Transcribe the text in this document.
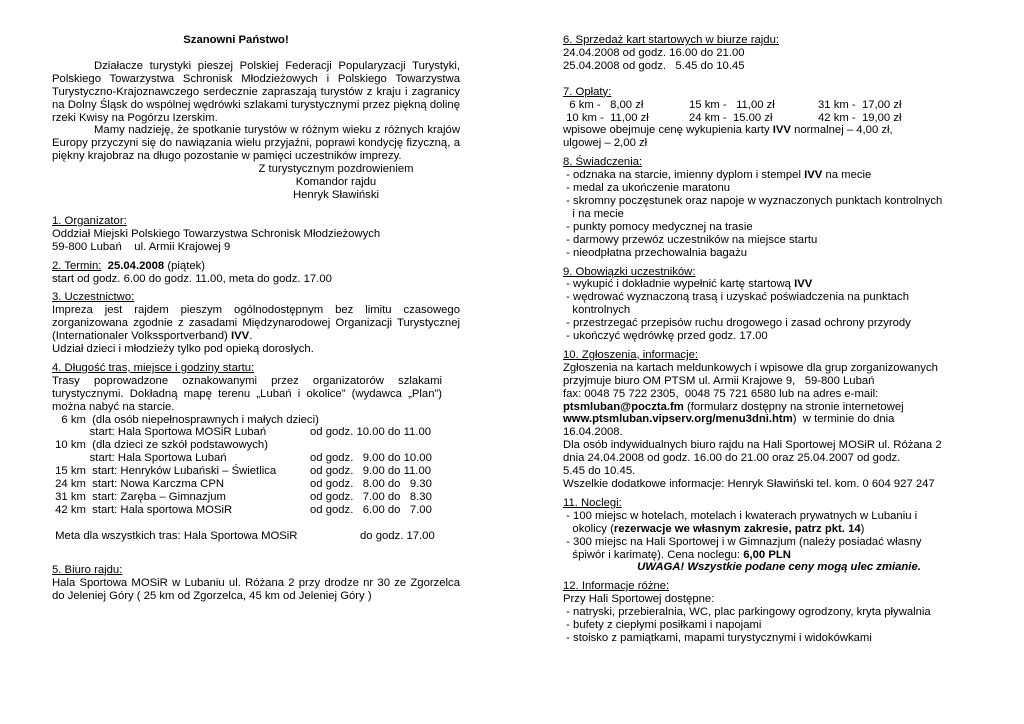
Szanowni Państwo!
Działacze turystyki pieszej Polskiej Federacji Popularyzacji Turystyki, Polskiego Towarzystwa Schronisk Młodzieżowych i Polskiego Towarzystwa Turystyczno-Krajoznawczego serdecznie zapraszają turystów z kraju i zagranicy na Dolny Śląsk do wspólnej wędrówki szlakami turystycznymi przez piękną dolinę rzeki Kwisy na Pogórzu Izerskim.
Mamy nadzieję, że spotkanie turystów w różnym wieku z różnych krajów Europy przyczyni się do nawiązania wielu przyjaźni, poprawi kondycję fizyczną, a piękny krajobraz na długo pozostanie w pamięci uczestników imprezy.
Z turystycznym pozdrowieniem
Komandor rajdu
Henryk Sławiński
1. Organizator:
Oddział Miejski Polskiego Towarzystwa Schronisk Młodzieżowych
59-800 Lubań    ul. Armii Krajowej 9
2. Termin: 25.04.2008 (piątek)
start od godz. 6.00 do godz. 11.00, meta do godz. 17.00
3. Uczestnictwo:
Impreza jest rajdem pieszym ogólnodostępnym bez limitu czasowego zorganizowana zgodnie z zasadami Międzynarodowej Organizacji Turystycznej (Internationaler Volkssportverband) IVV.
Udział dzieci i młodzieży tylko pod opieką dorosłych.
4. Długość tras, miejsce i godziny startu:
Trasy poprowadzone oznakowanymi przez organizatorów szlakami turystycznymi. Dokładną mapę terenu „Lubań i okolice” (wydawca „Plan”) można nabyć na starcie.
6 km  (dla osób niepełnosprawnych i małych dzieci)
start: Hala Sportowa MOSiR Lubań	od godz. 10.00 do 11.00
10 km  (dla dzieci ze szkół podstawowych)
start: Hala Sportowa Lubań	od godz.   9.00 do 10.00
15 km  start: Henryków Lubański – Świetlica	od godz.   9.00 do 11.00
24 km  start: Nowa Karczma CPN	od godz.   8.00 do   9.30
31 km  start: Zaręba – Gimnazjum	od godz.   7.00 do   8.30
42 km  start: Hala sportowa MOSiR	od godz.   6.00 do   7.00
Meta dla wszystkich tras: Hala Sportowa MOSiR	do godz. 17.00
5. Biuro rajdu:
Hala Sportowa MOSiR w Lubaniu ul. Różana 2 przy drodze nr 30 ze Zgorzelca do Jeleniej Góry ( 25 km od Zgorzelca, 45 km od Jeleniej Góry )
6. Sprzedaż kart startowych w biurze rajdu:
24.04.2008 od godz. 16.00 do 21.00
25.04.2008 od godz.   5.45 do 10.45
7. Opłaty:
6 km -   8,00 zł	15 km -   11,00 zł	31 km -  17,00 zł
10 km -  11,00 zł	24 km -  15.00 zł	42 km -  19,00 zł
wpisowe obejmuje cenę wykupienia karty IVV normalnej – 4,00 zł,
ulgowej – 2,00 zł
8. Świadczenia:
- odznaka na starcie, imienny dyplom i stempel IVV na mecie
- medal za ukończenie maratonu
- skromny poczęstunek oraz napoje w wyznaczonych punktach kontrolnych
i na mecie
- punkty pomocy medycznej na trasie
- darmowy przewóz uczestników na miejsce startu
- nieodpłatna przechowalnia bagażu
9. Obowiązki uczestników:
- wykupić i dokładnie wypełnić kartę startową IVV
- wędrować wyznaczoną trasą i uzyskać poświadczenia na punktach
kontrolnych
- przestrzegać przepisów ruchu drogowego i zasad ochrony przyrody
- ukończyć wędrówkę przed godz. 17.00
10. Zgłoszenia, informacje:
Zgłoszenia na kartach meldunkowych i wpisowe dla grup zorganizowanych
przyjmuje biuro OM PTSM ul. Armii Krajowe 9,   59-800 Lubań
fax: 0048 75 722 2305,  0048 75 721 6580 lub na adres e-mail:
ptsmluban@poczta.fm (formularz dostępny na stronie internetowej
www.ptsmluban.vipserv.org/menu3dni.htm)  w terminie do dnia
16.04.2008.
Dla osób indywidualnych biuro rajdu na Hali Sportowej MOSiR ul. Różana 2
dnia 24.04.2008 od godz. 16.00 do 21.00 oraz 25.04.2007 od godz.
5.45 do 10.45.
Wszelkie dodatkowe informacje: Henryk Sławiński tel. kom. 0 604 927 247
11. Noclegi:
- 100 miejsc w hotelach, motelach i kwaterach prywatnych w Lubaniu i
okolicy (rezerwacje we własnym zakresie, patrz pkt. 14)
- 300 miejsc na Hali Sportowej i w Gimnazjum (należy posiadać własny
śpiwór i karimatę). Cena noclegu: 6,00 PLN
UWAGA! Wszystkie podane ceny mogą ulec zmianie.
12. Informacje różne:
Przy Hali Sportowej dostępne:
- natryski, przebieralnia, WC, plac parkingowy ogrodzony, kryta pływalnia
- bufety z ciepłymi posiłkami i napojami
- stoisko z pamiątkami, mapami turystycznymi i widokówkami
